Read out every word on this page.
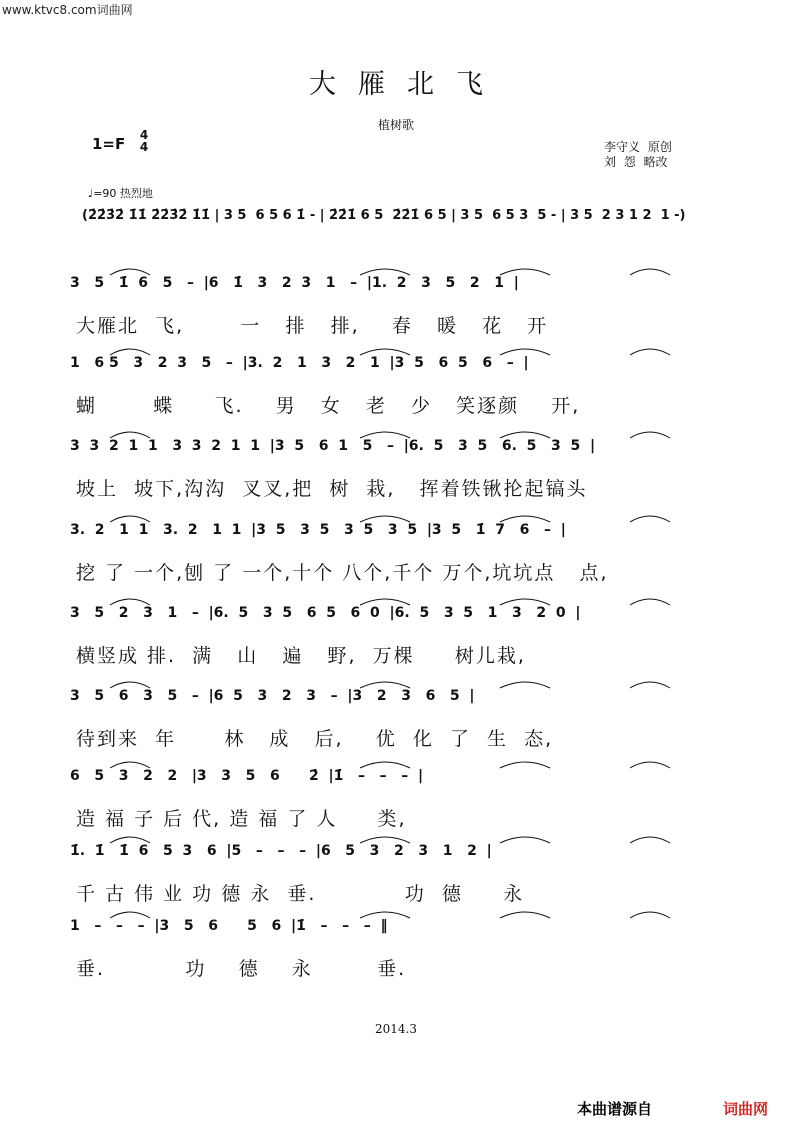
www.ktvc8.com词曲网
大雁北飞
植树歌
1=F 4
4	李守义 原创
刘 怨 略改
♩=90 热烈地
(2̇2̇3̇2̇ 1̇1̇ 2̇2̇3̇2̇ 1̇1̇ | 3 5  6 5 6 1̇ - | 2̇2̇1̇ 6 5  2̇2̇1̇ 6 5 | 3 5  6 5 3  5 - | 3 5  2 3 1 2  1 -)
3   5   1̇  6   5   –  |6   1̇   3   2  3   1   –  |1.  2   3   5   2   1  |
大雁北  飞,       一   排   排,    春   暖   花   开
1   6 5   3   2  3   5   –  |3.  2   1   3   2   1  |3  5   6  5   6   –  |
蝴       蝶     飞.    男   女   老   少   笑逐颜    开,
3  3  2  1  1   3  3  2  1  1  |3  5   6  1   5   –  |6.  5   3  5   6.  5   3  5  |
坡上  坡下,沟沟  叉叉,把  树  栽,   挥着铁锹抡起镐头
3.  2   1  1   3.  2   1  1  |3  5   3  5   3  5   3  5  |3  5   1̇  7   6   –  |
挖 了 一个,刨 了 一个,十个 八个,千个 万个,坑坑点   点,
3   5   2   3   1   –  |6.  5   3  5   6  5   6  0  |6.  5   3  5   1   3   2  0  |
横竖成 排.  满   山   遍   野,  万棵     树儿栽,
3   5   6   3   5   –  |6  5   3   2   3   –  |3   2   3   6   5  |
待到来  年      林   成   后,    优  化  了  生  态,
6   5   3   2   2   |3   3   5   6      2̇  |1̇   –   –   –  |
造 福 子 后 代, 造 福 了 人     类,
1̇.  1̇   1̇  6   5  3   6  |5   –   –   –  |6   5   3   2   3   1   2  |
千 古 伟 业 功 德 永  垂.           功  德     永
1   –   –   –  |3   5   6      5   6  |1̇   –   –   –  ‖
垂.          功    德    永        垂.
2014.3
本曲谱源自	词曲网
